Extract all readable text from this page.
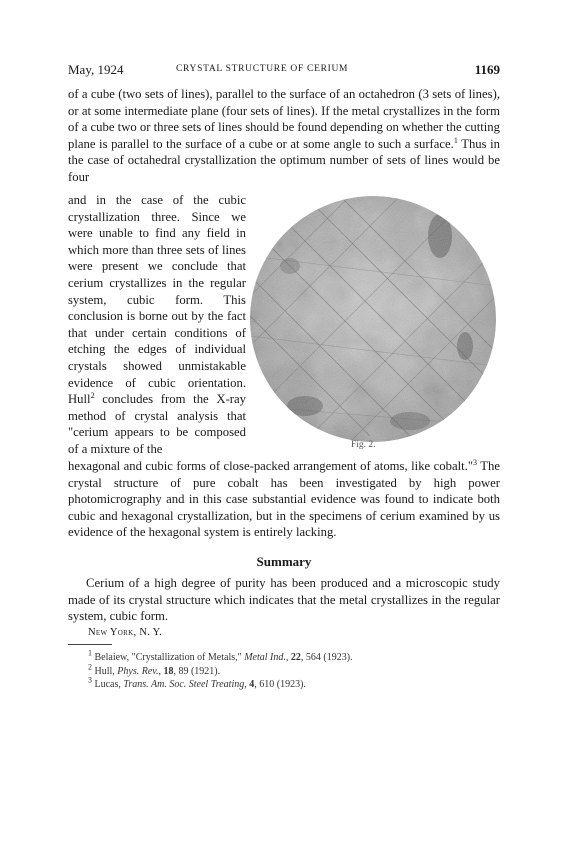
May, 1924	CRYSTAL STRUCTURE OF CERIUM	1169

of a cube (two sets of lines), parallel to the surface of an octahedron (3 sets of lines), or at some intermediate plane (four sets of lines). If the metal crystallizes in the form of a cube two or three sets of lines should be found depending on whether the cutting plane is parallel to the surface of a cube or at some angle to such a surface.$^1$ Thus in the case of octahedral crystallization the optimum number of sets of lines would be four

and in the case of the cubic crystallization three. Since we were unable to find any field in which more than three sets of lines were present we conclude that cerium crystallizes in the regular system, cubic form. This conclusion is borne out by the fact that under certain conditions of etching the edges of individual crystals showed unmistakable evidence of cubic orientation. Hull$^2$ concludes from the X-ray method of crystal analysis that "cerium appears to be composed of a mixture of the	Fig. 2.

hexagonal and cubic forms of close-packed arrangement of atoms, like cobalt."$^3$ The crystal structure of pure cobalt has been investigated by high power photomicrography and in this case substantial evidence was found to indicate both cubic and hexagonal crystallization, but in the specimens of cerium examined by us evidence of the hexagonal system is entirely lacking.

Summary

Cerium of a high degree of purity has been produced and a microscopic study made of its crystal structure which indicates that the metal crystallizes in the regular system, cubic form.

New York, N. Y.
$^1$ Belaiew, "Crystallization of Metals," Metal Ind., 22, 564 (1923).
$^2$ Hull, Phys. Rev., 18, 89 (1921).
$^3$ Lucas, Trans. Am. Soc. Steel Treating, 4, 610 (1923).
